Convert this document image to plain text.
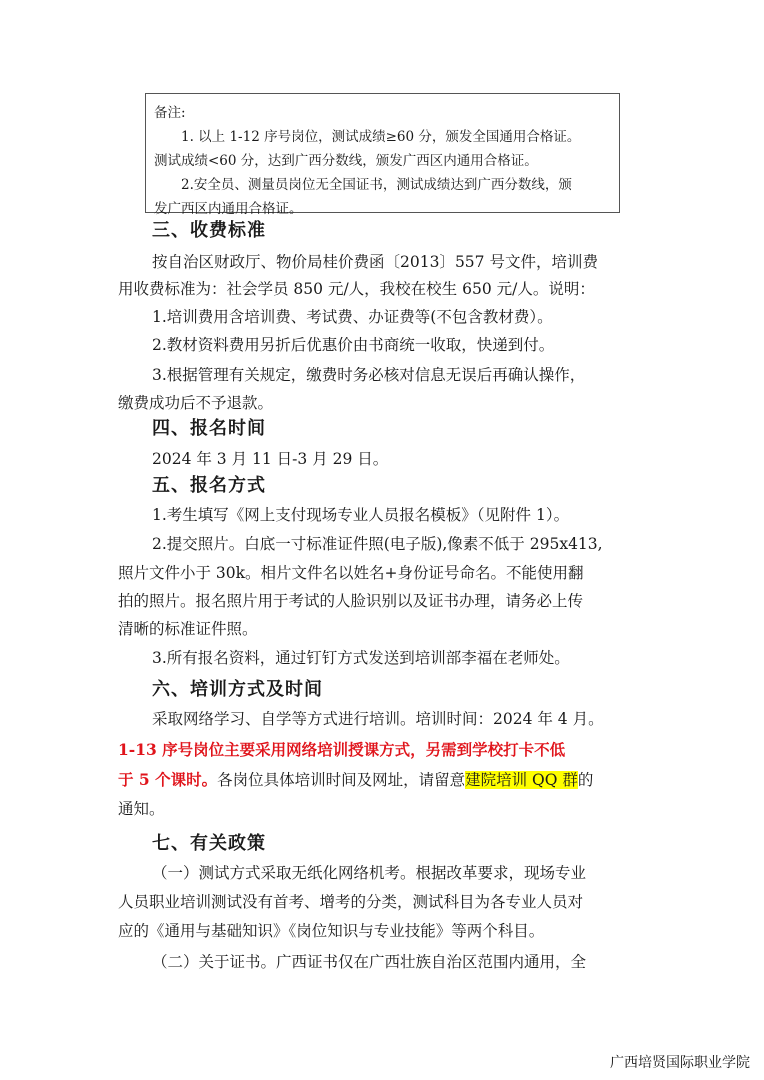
备注:

1. 以上 1-12 序号岗位，测试成绩≥60 分，颁发全国通用合格证。

测试成绩<60 分，达到广西分数线，颁发广西区内通用合格证。

2.安全员、测量员岗位无全国证书，测试成绩达到广西分数线，颁

发广西区内通用合格证。

三、收费标准
按自治区财政厅、物价局桂价费函〔2013〕557 号文件，培训费
用收费标准为：社会学员 850 元/人，我校在校生 650 元/人。说明：
1.培训费用含培训费、考试费、办证费等(不包含教材费）。
2.教材资料费用另折后优惠价由书商统一收取，快递到付。
3.根据管理有关规定，缴费时务必核对信息无误后再确认操作，
缴费成功后不予退款。
四、报名时间
2024 年 3 月 11 日-3 月 29 日。
五、报名方式
1.考生填写《网上支付现场专业人员报名模板》（见附件 1）。
2.提交照片。白底一寸标准证件照(电子版),像素不低于 295x413,
照片文件小于 30k。相片文件名以姓名+身份证号命名。不能使用翻
拍的照片。报名照片用于考试的人脸识别以及证书办理，请务必上传
清晰的标准证件照。
3.所有报名资料，通过钉钉方式发送到培训部李福在老师处。
六、培训方式及时间
采取网络学习、自学等方式进行培训。培训时间：2024 年 4 月。
1-13 序号岗位主要采用网络培训授课方式，另需到学校打卡不低
于 5 个课时。各岗位具体培训时间及网址，请留意建院培训 QQ 群的
通知。
七、有关政策
（一）测试方式采取无纸化网络机考。根据改革要求，现场专业
人员职业培训测试没有首考、增考的分类，测试科目为各专业人员对
应的《通用与基础知识》《岗位知识与专业技能》等两个科目。
（二）关于证书。广西证书仅在广西壮族自治区范围内通用，全
广西培贤国际职业学院
